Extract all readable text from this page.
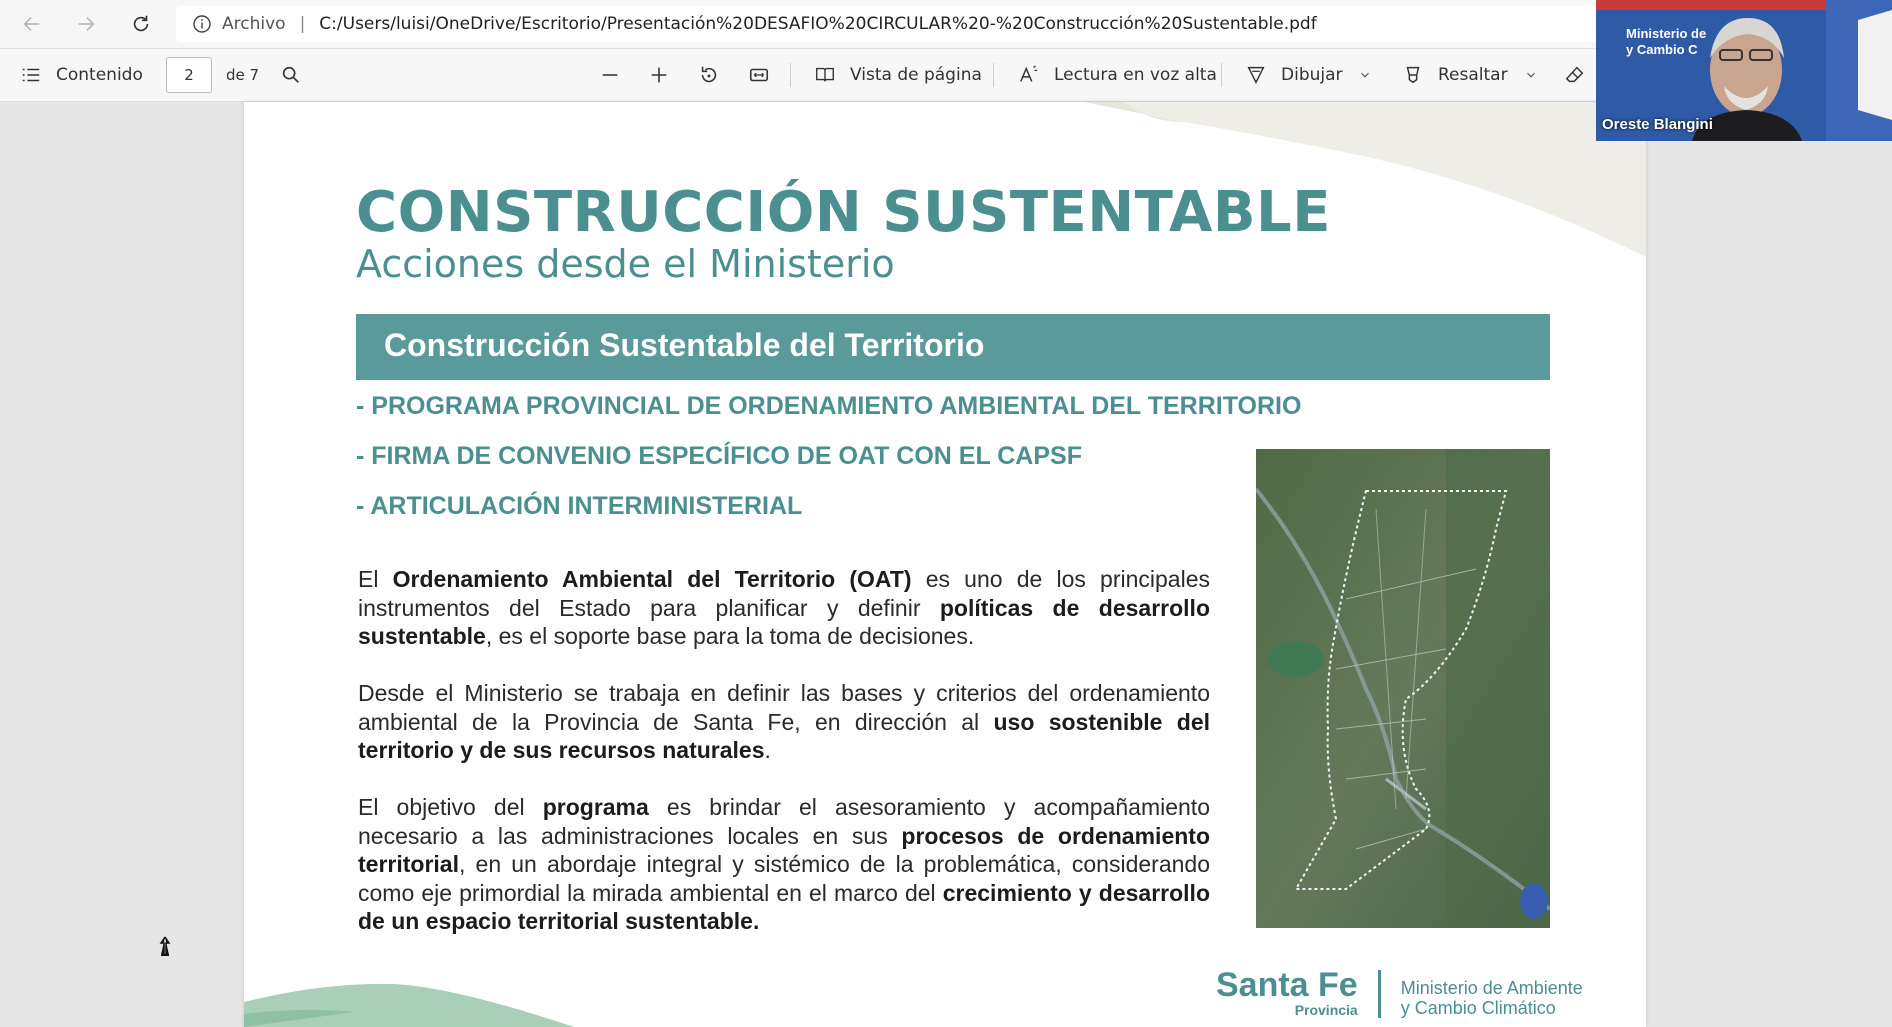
Archivo | C:/Users/luisi/OneDrive/Escritorio/Presentación%20DESAFIO%20CIRCULAR%20-%20Construcción%20Sustentable.pdf
Contenido	2	de 7	Vista de página	Lectura en voz alta	Dibujar	Resaltar
CONSTRUCCIÓN SUSTENTABLE
Acciones desde el Ministerio
Construcción Sustentable del Territorio
- PROGRAMA PROVINCIAL DE ORDENAMIENTO AMBIENTAL DEL TERRITORIO
- FIRMA DE CONVENIO ESPECÍFICO DE OAT CON EL CAPSF
- ARTICULACIÓN INTERMINISTERIAL

El Ordenamiento Ambiental del Territorio (OAT) es uno de los principales instrumentos del Estado para planificar y definir políticas de desarrollo sustentable, es el soporte base para la toma de decisiones.

Desde el Ministerio se trabaja en definir las bases y criterios del ordenamiento ambiental de la Provincia de Santa Fe, en dirección al uso sostenible del territorio y de sus recursos naturales.

El objetivo del programa es brindar el asesoramiento y acompañamiento necesario a las administraciones locales en sus procesos de ordenamiento territorial, en un abordaje integral y sistémico de la problemática, considerando como eje primordial la mirada ambiental en el marco del crecimiento y desarrollo de un espacio territorial sustentable.

Santa Fe
Provincia
Ministerio de Ambiente
y Cambio Climático
Ministerio de
y Cambio C
Oreste Blangini
